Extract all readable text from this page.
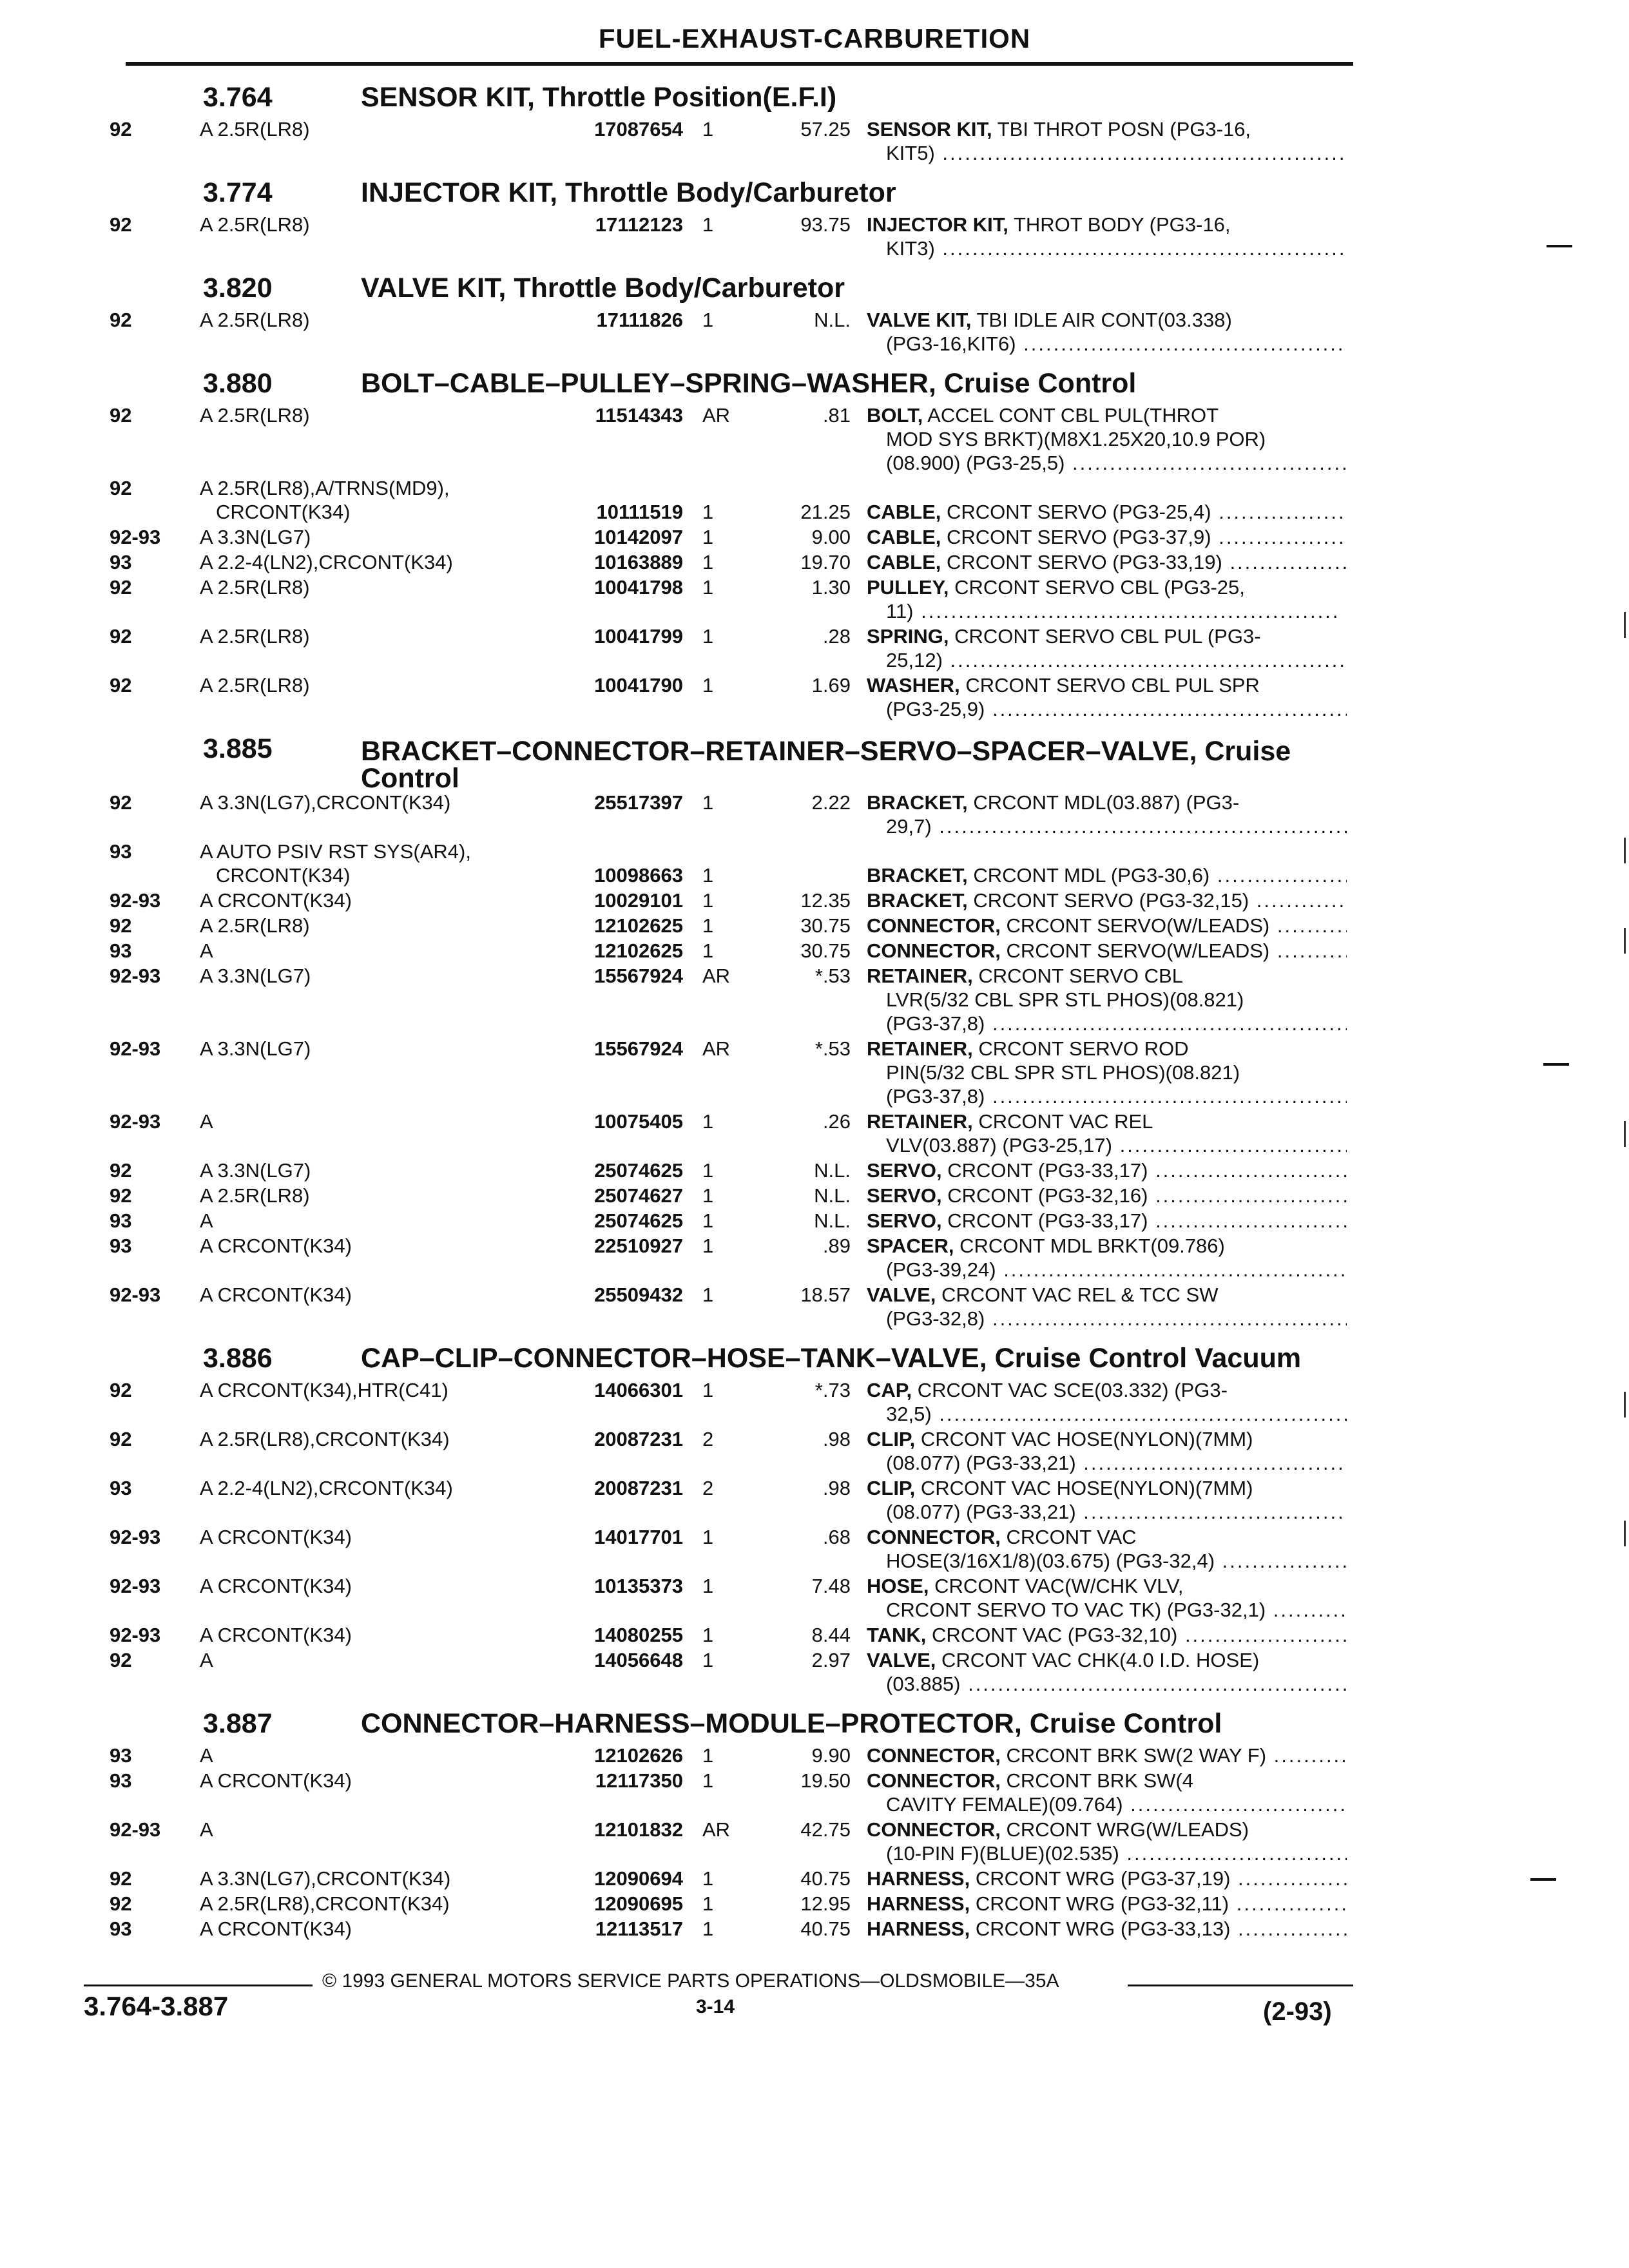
FUEL-EXHAUST-CARBURETION
3.764	SENSOR KIT, Throttle Position(E.F.I)
92	A 2.5R(LR8)	17087654 1	57.25 SENSOR KIT, TBI THROT POSN (PG3-16,
KIT5) .....
3.774	INJECTOR KIT, Throttle Body/Carburetor
92	A 2.5R(LR8)	17112123 1	93.75 INJECTOR KIT, THROT BODY (PG3-16,
KIT3) .....
3.820	VALVE KIT, Throttle Body/Carburetor
92	A 2.5R(LR8)	17111826 1	N.L. VALVE KIT, TBI IDLE AIR CONT(03.338)
(PG3-16,KIT6) .....
3.880	BOLT–CABLE–PULLEY–SPRING–WASHER, Cruise Control
92	A 2.5R(LR8)	11514343 AR	.81 BOLT, ACCEL CONT CBL PUL(THROT
MOD SYS BRKT)(M8X1.25X20,10.9 POR)
(08.900) (PG3-25,5) .....
92	A 2.5R(LR8),A/TRNS(MD9),
CRCONT(K34)	10111519 1	21.25 CABLE, CRCONT SERVO (PG3-25,4) .....
92-93	A 3.3N(LG7)	10142097 1	9.00 CABLE, CRCONT SERVO (PG3-37,9) .....
93	A 2.2-4(LN2),CRCONT(K34)	10163889 1	19.70 CABLE, CRCONT SERVO (PG3-33,19) .....
92	A 2.5R(LR8)	10041798 1	1.30 PULLEY, CRCONT SERVO CBL (PG3-25,
11) .....
92	A 2.5R(LR8)	10041799 1	.28 SPRING, CRCONT SERVO CBL PUL (PG3-
25,12) .....
92	A 2.5R(LR8)	10041790 1	1.69 WASHER, CRCONT SERVO CBL PUL SPR
(PG3-25,9) .....
3.885	BRACKET–CONNECTOR–RETAINER–SERVO–SPACER–VALVE, Cruise Control
92	A 3.3N(LG7),CRCONT(K34)	25517397 1	2.22 BRACKET, CRCONT MDL(03.887) (PG3-
29,7) .....
93	A AUTO PSIV RST SYS(AR4),
CRCONT(K34)	10098663 1	BRACKET, CRCONT MDL (PG3-30,6) .....
92-93	A CRCONT(K34)	10029101 1	12.35 BRACKET, CRCONT SERVO (PG3-32,15) .....
92	A 2.5R(LR8)	12102625 1	30.75 CONNECTOR, CRCONT SERVO(W/LEADS) .....
93	A	12102625 1	30.75 CONNECTOR, CRCONT SERVO(W/LEADS) .....
92-93	A 3.3N(LG7)	15567924 AR	*.53 RETAINER, CRCONT SERVO CBL
LVR(5/32 CBL SPR STL PHOS)(08.821)
(PG3-37,8) .....
92-93	A 3.3N(LG7)	15567924 AR	*.53 RETAINER, CRCONT SERVO ROD
PIN(5/32 CBL SPR STL PHOS)(08.821)
(PG3-37,8) .....
92-93	A	10075405 1	.26 RETAINER, CRCONT VAC REL
VLV(03.887) (PG3-25,17) .....
92	A 3.3N(LG7)	25074625 1	N.L. SERVO, CRCONT (PG3-33,17) .....
92	A 2.5R(LR8)	25074627 1	N.L. SERVO, CRCONT (PG3-32,16) .....
93	A	25074625 1	N.L. SERVO, CRCONT (PG3-33,17) .....
93	A CRCONT(K34)	22510927 1	.89 SPACER, CRCONT MDL BRKT(09.786)
(PG3-39,24) .....
92-93	A CRCONT(K34)	25509432 1	18.57 VALVE, CRCONT VAC REL & TCC SW
(PG3-32,8) .....
3.886	CAP–CLIP–CONNECTOR–HOSE–TANK–VALVE, Cruise Control Vacuum
92	A CRCONT(K34),HTR(C41)	14066301 1	*.73 CAP, CRCONT VAC SCE(03.332) (PG3-
32,5) .....
92	A 2.5R(LR8),CRCONT(K34)	20087231 2	.98 CLIP, CRCONT VAC HOSE(NYLON)(7MM)
(08.077) (PG3-33,21) .....
93	A 2.2-4(LN2),CRCONT(K34)	20087231 2	.98 CLIP, CRCONT VAC HOSE(NYLON)(7MM)
(08.077) (PG3-33,21) .....
92-93	A CRCONT(K34)	14017701 1	.68 CONNECTOR, CRCONT VAC
HOSE(3/16X1/8)(03.675) (PG3-32,4) .....
92-93	A CRCONT(K34)	10135373 1	7.48 HOSE, CRCONT VAC(W/CHK VLV,
CRCONT SERVO TO VAC TK) (PG3-32,1) .....
92-93	A CRCONT(K34)	14080255 1	8.44 TANK, CRCONT VAC (PG3-32,10) .....
92	A	14056648 1	2.97 VALVE, CRCONT VAC CHK(4.0 I.D. HOSE)
(03.885) .....
3.887	CONNECTOR–HARNESS–MODULE–PROTECTOR, Cruise Control
93	A	12102626 1	9.90 CONNECTOR, CRCONT BRK SW(2 WAY F) .....
93	A CRCONT(K34)	12117350 1	19.50 CONNECTOR, CRCONT BRK SW(4
CAVITY FEMALE)(09.764) .....
92-93	A	12101832 AR	42.75 CONNECTOR, CRCONT WRG(W/LEADS)
(10-PIN F)(BLUE)(02.535) .....
92	A 3.3N(LG7),CRCONT(K34)	12090694 1	40.75 HARNESS, CRCONT WRG (PG3-37,19) .....
92	A 2.5R(LR8),CRCONT(K34)	12090695 1	12.95 HARNESS, CRCONT WRG (PG3-32,11) .....
93	A CRCONT(K34)	12113517 1	40.75 HARNESS, CRCONT WRG (PG3-33,13) .....
© 1993 GENERAL MOTORS SERVICE PARTS OPERATIONS—OLDSMOBILE—35A
3.764-3.887	3-14	(2-93)
